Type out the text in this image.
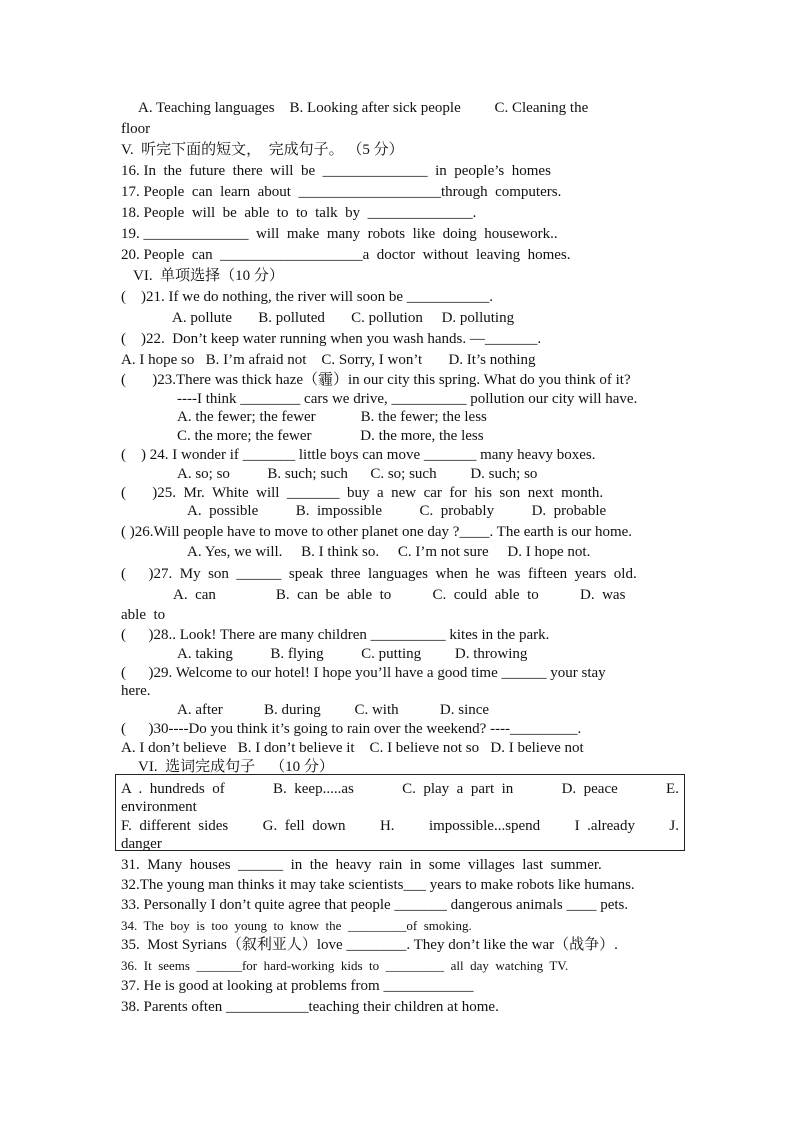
A. Teaching languages    B. Looking after sick people         C. Cleaning the
floor
V.  听完下面的短文，  完成句子。 （5 分）
16. In  the  future  there  will  be  ______________  in  people’s  homes
17. People  can  learn  about  ___________________through  computers.
18. People  will  be  able  to  to  talk  by  ______________.
19. ______________  will  make  many  robots  like  doing  housework..
20. People  can  ___________________a  doctor  without  leaving  homes.
VI.  单项选择（10 分）
(    )21. If we do nothing, the river will soon be ___________.
A. pollute       B. polluted       C. pollution     D. polluting
(    )22.  Don’t keep water running when you wash hands. —_______.
A. I hope so   B. I’m afraid not    C. Sorry, I won’t       D. It’s nothing
(       )23.There was thick haze（霾）in our city this spring. What do you think of it?
----I think ________ cars we drive, __________ pollution our city will have.
A. the fewer; the fewer            B. the fewer; the less
C. the more; the fewer             D. the more, the less
(    ) 24. I wonder if _______ little boys can move _______ many heavy boxes.
A. so; so          B. such; such      C. so; such         D. such; so
(       )25.  Mr.  White  will  _______  buy  a  new  car  for  his  son  next  month.
A.  possible          B.  impossible          C.  probably          D.  probable
( )26.Will people have to move to other planet one day ?____. The earth is our home.
A. Yes, we will.     B. I think so.     C. I’m not sure     D. I hope not.
(      )27.  My  son  ______  speak  three  languages  when  he  was  fifteen  years  old.
A.  can                B.  can  be  able  to           C.  could  able  to           D.  was
able  to
(      )28.. Look! There are many children __________ kites in the park.
A. taking          B. flying          C. putting         D. throwing
(      )29. Welcome to our hotel! I hope you’ll have a good time ______ your stay
here.
A. after           B. during         C. with           D. since
(      )30----Do you think it’s going to rain over the weekend? ----_________.
A. I don’t believe   B. I don’t believe it    C. I believe not so   D. I believe not
VI.  选词完成句子    （10 分）
A  .  hundreds  of	B.  keep.....as	C.  play  a  part  in	D.  peace	E.
environment
F.  different  sides G.  fell  down H. impossible...spend I  .already J.
danger
31.  Many  houses  ______  in  the  heavy  rain  in  some  villages  last  summer.
32.The young man thinks it may take scientists___ years to make robots like humans.
33. Personally I don’t quite agree that people _______ dangerous animals ____ pets.
34.  The  boy  is  too  young  to  know  the  _________of  smoking.
35.  Most Syrians（叙利亚人）love ________. They don’t like the war（战争）.
36.  It  seems  _______for  hard-working  kids  to  _________  all  day  watching  TV.
37. He is good at looking at problems from ____________
38. Parents often ___________teaching their children at home.
